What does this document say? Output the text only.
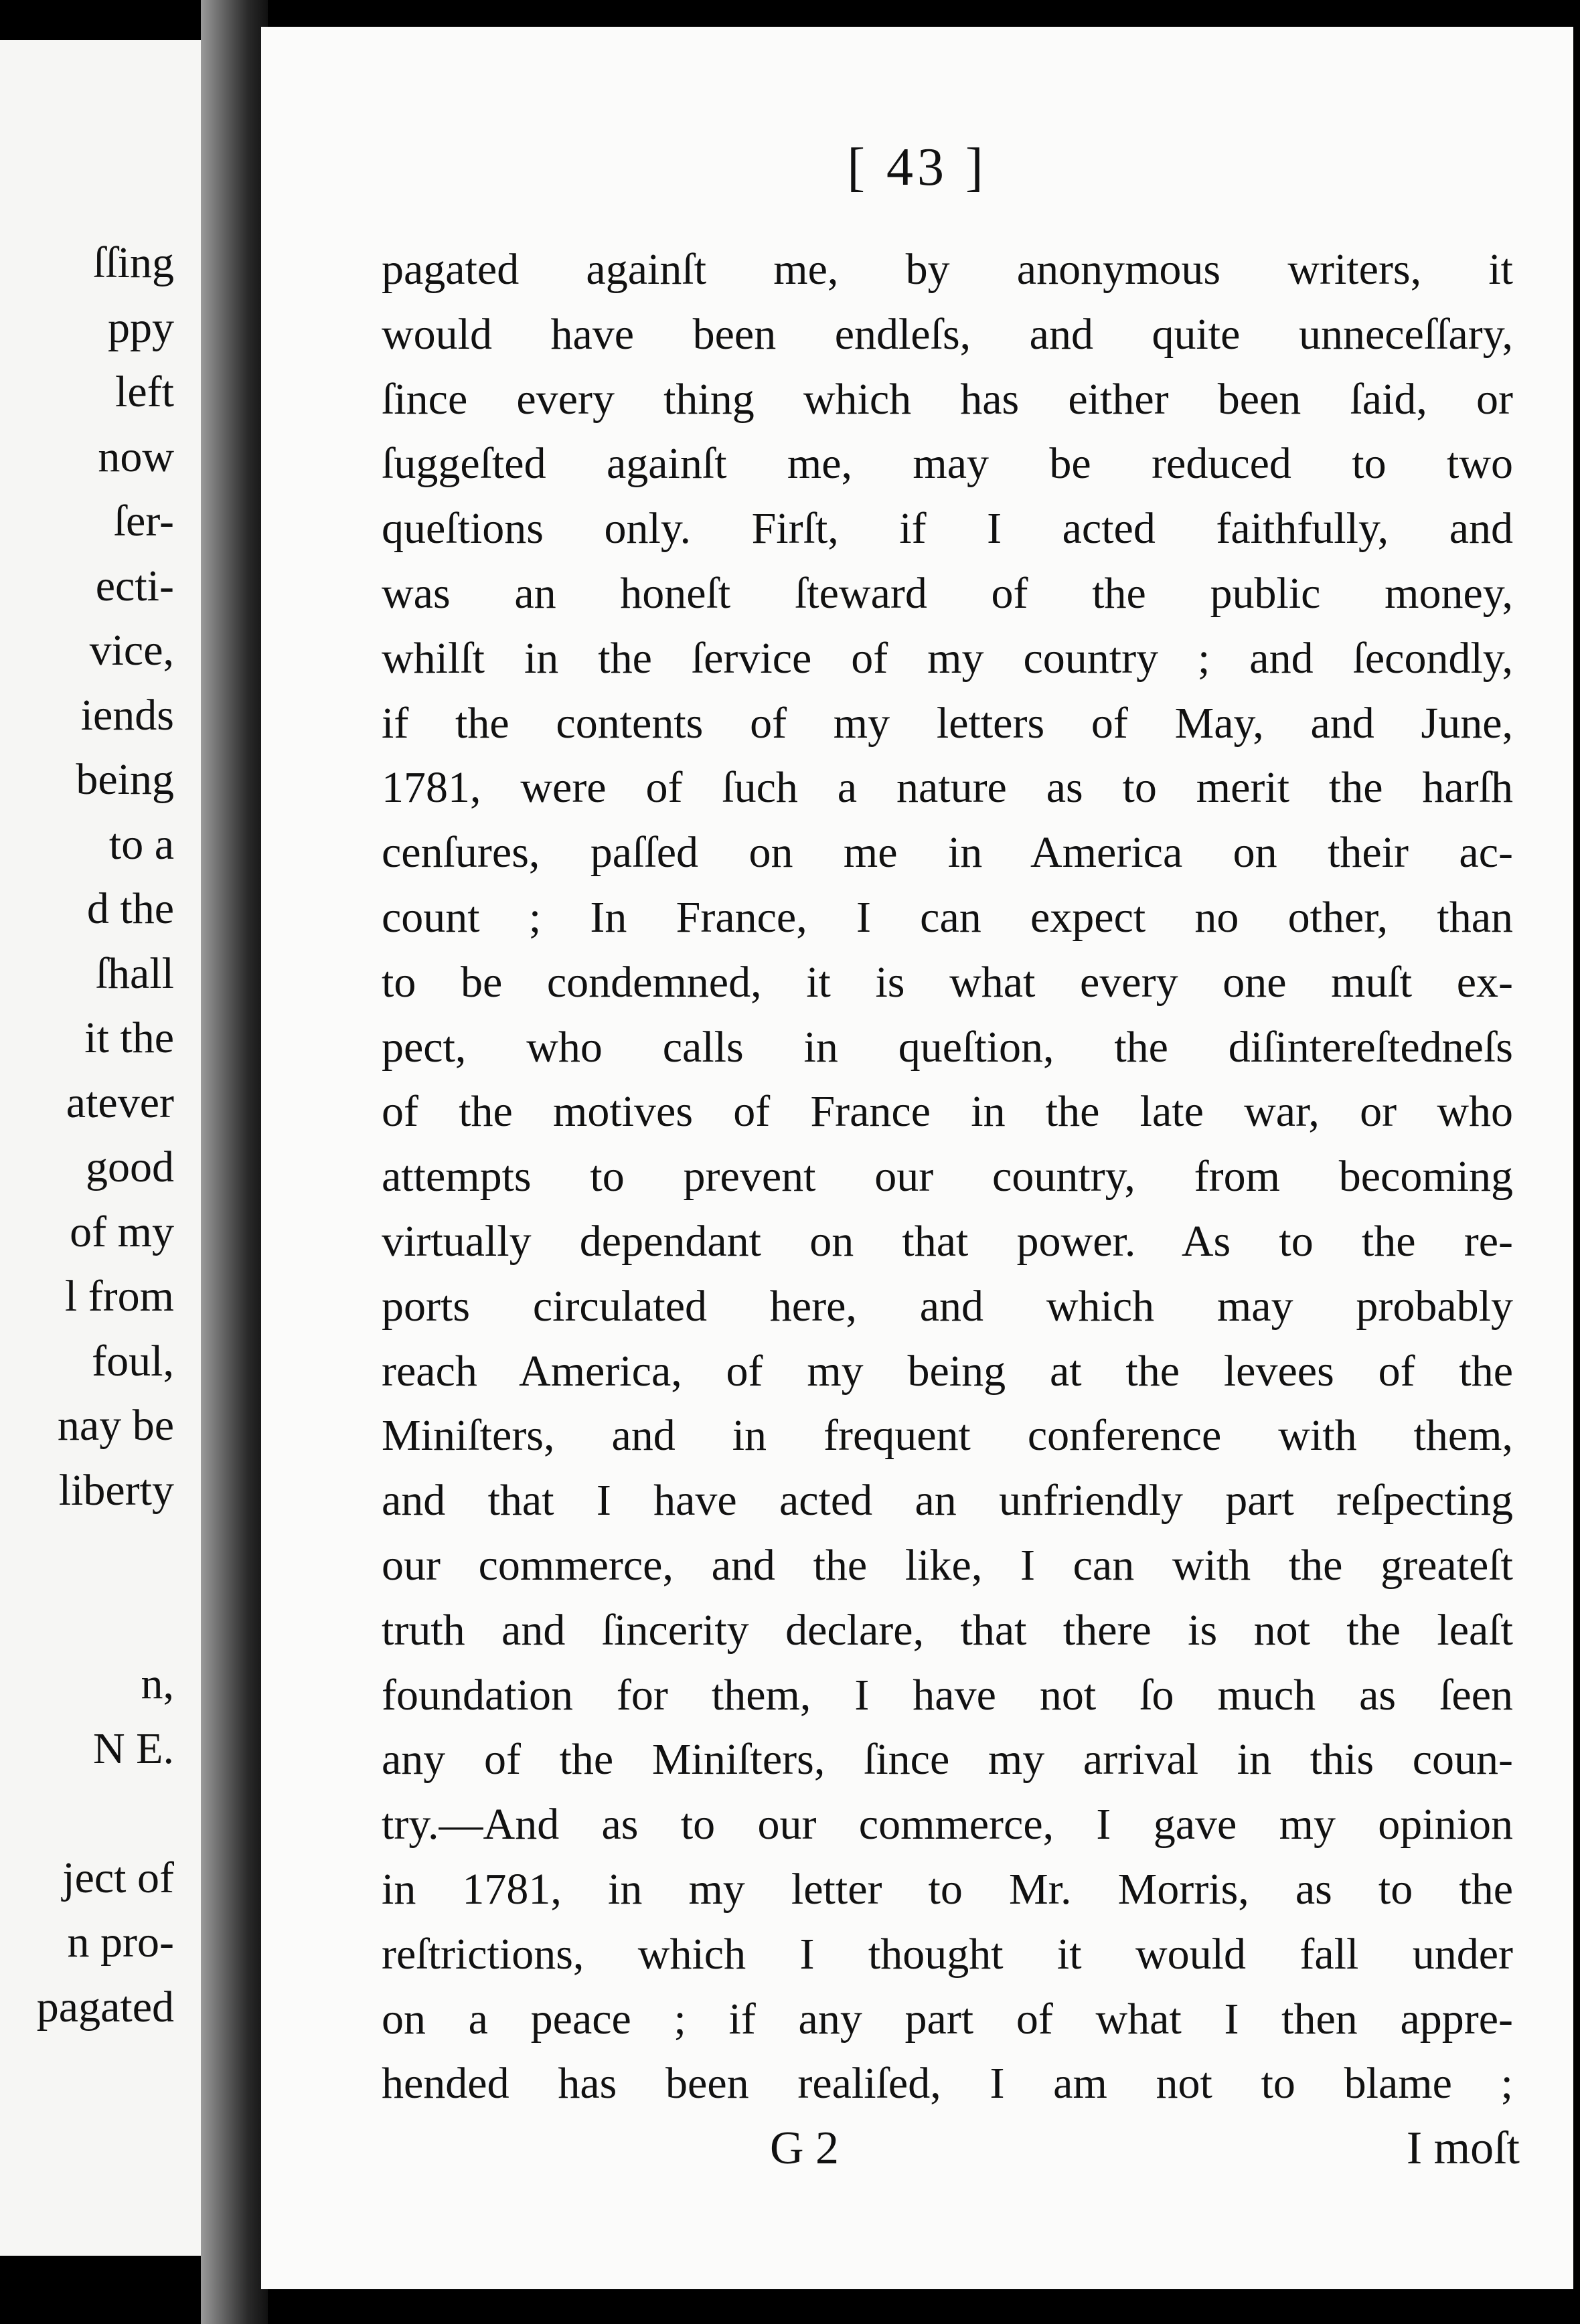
ſſing
ppy
left
now
ſer-
ecti-
vice,
iends
being
to a
d the
ſhall
it the
atever
good
of my
l from
foul,
nay be
liberty
n,
N E.
ject of
n pro-
pagated
[ 43 ]
pagated againſt me, by anonymous writers, it
would have been endleſs, and quite unneceſſary,
ſince every thing which has either been ſaid, or
ſuggeſted againſt me, may be reduced to two
queſtions only. Firſt, if I acted faithfully, and
was an honeſt ſteward of the public money,
whilſt in the ſervice of my country ; and ſecondly,
if the contents of my letters of May, and June,
1781, were of ſuch a nature as to merit the harſh
cenſures, paſſed on me in America on their ac-
count ; In France, I can expect no other, than
to be condemned, it is what every one muſt ex-
pect, who calls in queſtion, the diſintereſtedneſs
of the motives of France in the late war, or who
attempts to prevent our country, from becoming
virtually dependant on that power. As to the re-
ports circulated here, and which may probably
reach America, of my being at the levees of the
Miniſters, and in frequent conference with them,
and that I have acted an unfriendly part reſpecting
our commerce, and the like, I can with the greateſt
truth and ſincerity declare, that there is not the leaſt
foundation for them, I have not ſo much as ſeen
any of the Miniſters, ſince my arrival in this coun-
try.—And as to our commerce, I gave my opinion
in 1781, in my letter to Mr. Morris, as to the
reſtrictions, which I thought it would fall under
on a peace ; if any part of what I then appre-
hended has been realiſed, I am not to blame ;
G 2	I moſt
